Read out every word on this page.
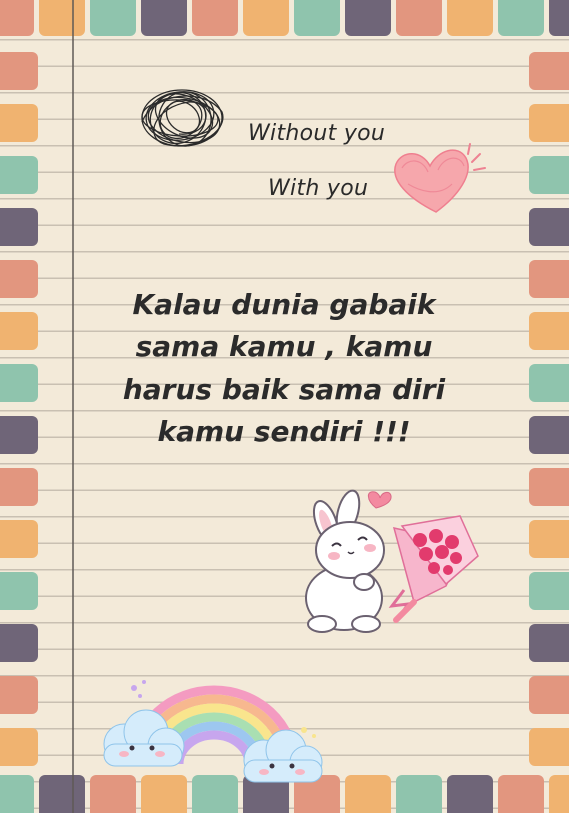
Without you
With you

Kalau dunia gabaik
sama kamu , kamu
harus baik sama diri
kamu sendiri !!!
